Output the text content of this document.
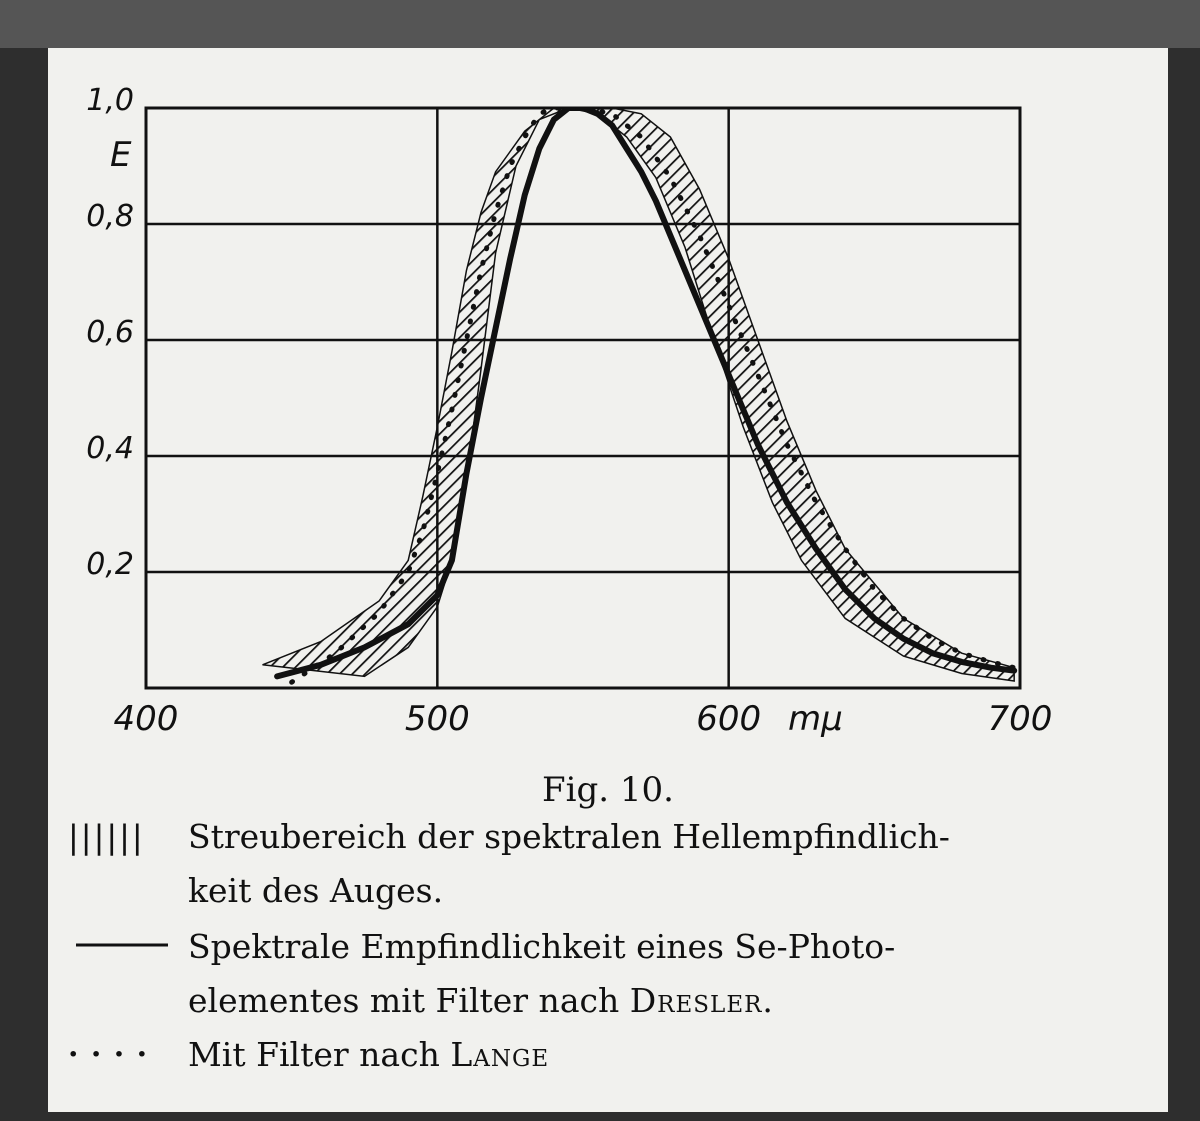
400	500	600	700
0,2
0,4
0,6
0,8
1,0
E
mμ
Fig. 10.
||||||	Streubereich der spektralen Hellempfindlich-
keit des Auges.
Spektrale Empfindlichkeit eines Se-Photo-
elementes mit Filter nach Dresler.
· · · ·	Mit Filter nach Lange
